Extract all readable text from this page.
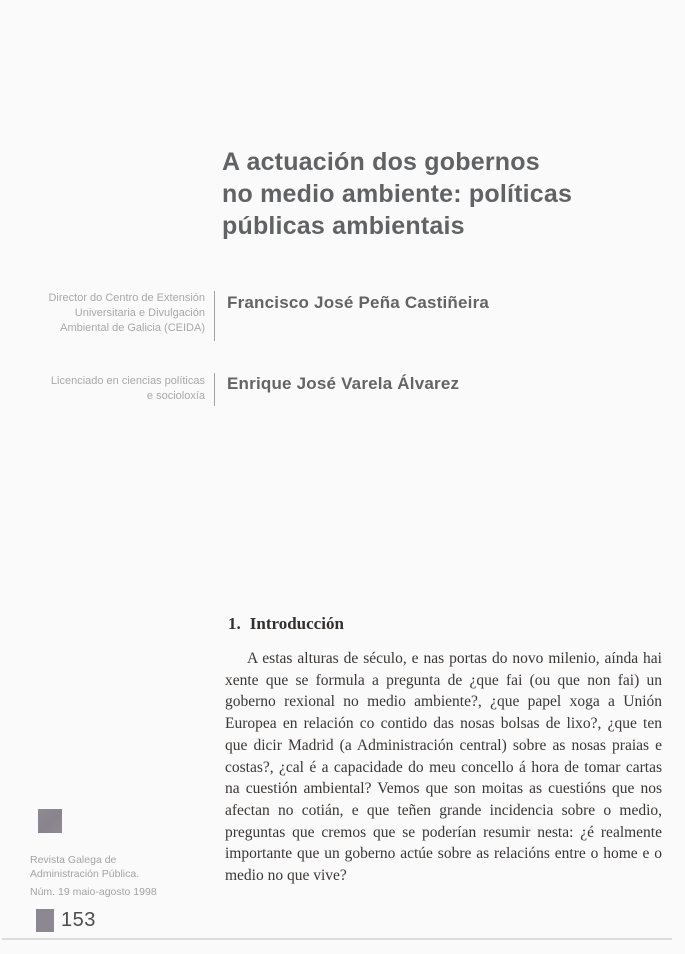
A actuación dos gobernos
no medio ambiente: políticas
públicas ambientais
Director do Centro de Extensión
Universitaria e Divulgación
Ambiental de Galicia (CEIDA)
Francisco José Peña Castiñeira
Licenciado en ciencias políticas
e socioloxía
Enrique José Varela Álvarez
1. Introducción

A estas alturas de século, e nas portas do novo milenio, aínda hai xente que se formula a pregunta de ¿que fai (ou que non fai) un goberno rexional no medio ambiente?, ¿que papel xoga a Unión Europea en relación co contido das nosas bolsas de lixo?, ¿que ten que dicir Madrid (a Administración central) sobre as nosas praias e costas?, ¿cal é a capacidade do meu concello á hora de tomar cartas na cuestión ambiental? Vemos que son moitas as cuestións que nos afectan no cotián, e que teñen grande incidencia sobre o medio, preguntas que cremos que se poderían resumir nesta: ¿é realmente importante que un goberno actúe sobre as relacións entre o home e o medio no que vive?

Revista Galega de
Administración Pública.
Núm. 19 maio-agosto 1998
153
